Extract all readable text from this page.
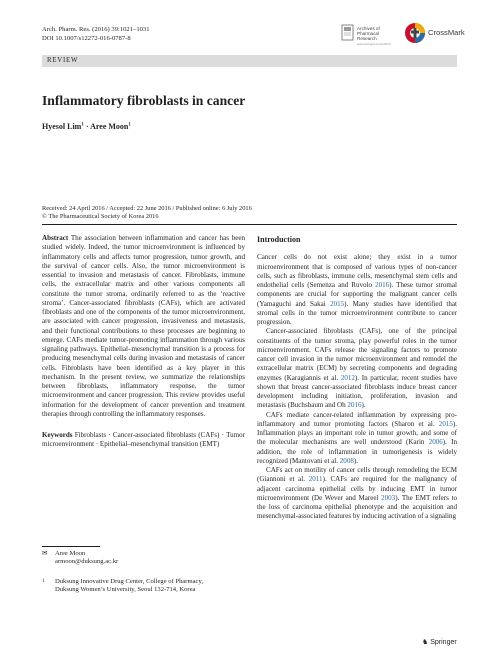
Arch. Pharm. Res. (2016) 39:1021–1031
DOI 10.1007/s12272-016-0787-8
Archives of
Pharmacal
Research
www.springer.com/12272
CrossMark
REVIEW
Inflammatory fibroblasts in cancer
Hyesol Lim$^1$ · Aree Moon$^1$
Received: 24 April 2016 / Accepted: 22 June 2016 / Published online: 6 July 2016
© The Pharmaceutical Society of Korea 2016

Abstract The association between inflammation and cancer has been studied widely. Indeed, the tumor microenvironment is influenced by inflammatory cells and affects tumor progression, tumor growth, and the survival of cancer cells. Also, the tumor microenvironment is essential to invasion and metastasis of cancer. Fibroblasts, immune cells, the extracellular matrix and other various components all constitute the tumor stroma, ordinarily referred to as the ‘reactive stroma’. Cancer-associated fibroblasts (CAFs), which are activated fibroblasts and one of the components of the tumor microenvironment, are associated with cancer progression, invasiveness and metastasis, and their functional contributions to these processes are beginning to emerge. CAFs mediate tumor-promoting inflammation through various signaling pathways. Epithelial–mesenchymal transition is a process for producing mesenchymal cells during invasion and metastasis of cancer cells. Fibroblasts have been identified as a key player in this mechanism. In the present review, we summarize the relationships between fibroblasts, inflammatory response, the tumor microenvironment and cancer progression. This review provides useful information for the development of cancer prevention and treatment therapies through controlling the inflammatory responses.

Keywords Fibroblasts · Cancer-associated fibroblasts (CAFs) · Tumor microenvironment · Epithelial–mesenchymal transition (EMT)

✉ Aree Moon
armoon@duksung.ac.kr
1 Duksung Innovative Drug Center, College of Pharmacy,
Duksung Women’s University, Seoul 132-714, Korea

Introduction

Cancer cells do not exist alone; they exist in a tumor microenvironment that is composed of various types of non-cancer cells, such as fibroblasts, immune cells, mesenchymal stem cells and endothelial cells (Semenza and Ruvolo 2016). These tumor stromal components are crucial for supporting the malignant cancer cells (Yamaguchi and Sakai 2015). Many studies have identified that stromal cells in the tumor microenvironment contribute to cancer progression.

Cancer-associated fibroblasts (CAFs), one of the principal constituents of the tumor stroma, play powerful roles in the tumor microenvironment. CAFs release the signaling factors to promote cancer cell invasion in the tumor microenvironment and remodel the extracellular matrix (ECM) by secreting components and degrading enzymes (Karagiannis et al. 2012). In particular, recent studies have shown that breast cancer-associated fibroblasts induce breast cancer development including initiation, proliferation, invasion and metastasis (Buchsbaum and Oh 2016).

CAFs mediate cancer-related inflammation by expressing pro-inflammatory and tumor promoting factors (Sharon et al. 2015). Inflammation plays an important role in tumor growth, and some of the molecular mechanisms are well understood (Karin 2006). In addition, the role of inflammation in tumorigenesis is widely recognized (Mantovani et al. 2008).

CAFs act on motility of cancer cells through remodeling the ECM (Giannoni et al. 2011). CAFs are required for the malignancy of adjacent carcinoma epithelial cells by inducing EMT in tumor microenvironment (De Wever and Mareel 2003). The EMT refers to the loss of carcinoma epithelial phenotype and the acquisition and mesenchymal-associated features by inducing activation of a signaling

♞ Springer
